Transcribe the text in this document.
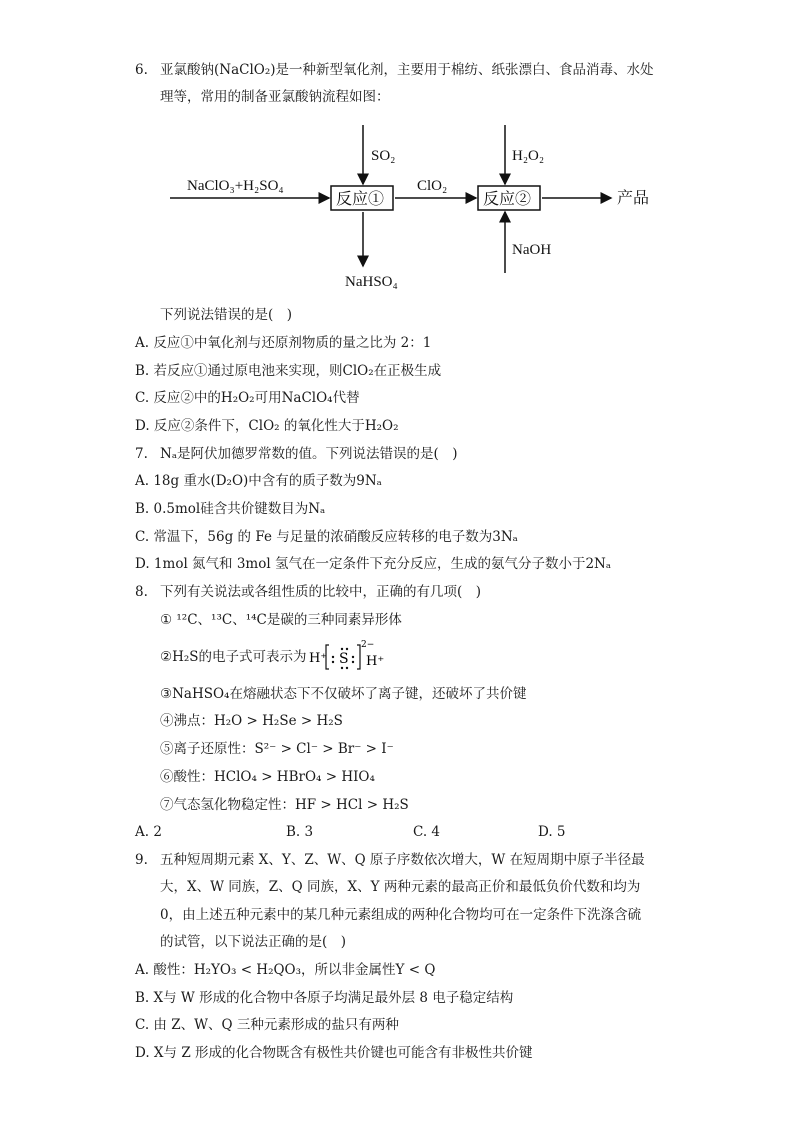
6. 亚氯酸钠(NaClO₂)是一种新型氧化剂，主要用于棉纺、纸张漂白、食品消毒、水处
理等，常用的制备亚氯酸钠流程如图：
NaClO₃+H₂SO₄
反应①
SO₂
NaHSO₄
ClO₂
反应②
H₂O₂
NaOH
产品
下列说法错误的是(　)
A. 反应①中氧化剂与还原剂物质的量之比为 2：1
B. 若反应①通过原电池来实现，则ClO₂在正极生成
C. 反应②中的H₂O₂可用NaClO₄代替
D. 反应②条件下，ClO₂ 的氧化性大于H₂O₂
7. Nₐ是阿伏加德罗常数的值。下列说法错误的是(　)
A. 18g 重水(D₂O)中含有的质子数为9Nₐ
B. 0.5mol硅含共价键数目为Nₐ
C. 常温下，56g 的 Fe 与足量的浓硝酸反应转移的电子数为3Nₐ
D. 1mol 氮气和 3mol 氢气在一定条件下充分反应，生成的氨气分子数小于2Nₐ
8. 下列有关说法或各组性质的比较中，正确的有几项(　)
① ¹²C、¹³C、¹⁴C是碳的三种同素异形体
②H₂S的电子式可表示为 H⁺ S
2−
H⁺
③NaHSO₄在熔融状态下不仅破坏了离子键，还破坏了共价键
④沸点：H₂O > H₂Se > H₂S
⑤离子还原性：S²⁻ > Cl⁻ > Br⁻ > I⁻
⑥酸性：HClO₄ > HBrO₄ > HIO₄
⑦气态氢化物稳定性：HF > HCl > H₂S
A. 2	B. 3	C. 4	D. 5
9. 五种短周期元素 X、Y、Z、W、Q 原子序数依次增大，W 在短周期中原子半径最
大，X、W 同族，Z、Q 同族，X、Y 两种元素的最高正价和最低负价代数和均为
0，由上述五种元素中的某几种元素组成的两种化合物均可在一定条件下洗涤含硫
的试管，以下说法正确的是(　)
A. 酸性：H₂YO₃ < H₂QO₃，所以非金属性Y < Q
B. X与 W 形成的化合物中各原子均满足最外层 8 电子稳定结构
C. 由 Z、W、Q 三种元素形成的盐只有两种
D. X与 Z 形成的化合物既含有极性共价键也可能含有非极性共价键
